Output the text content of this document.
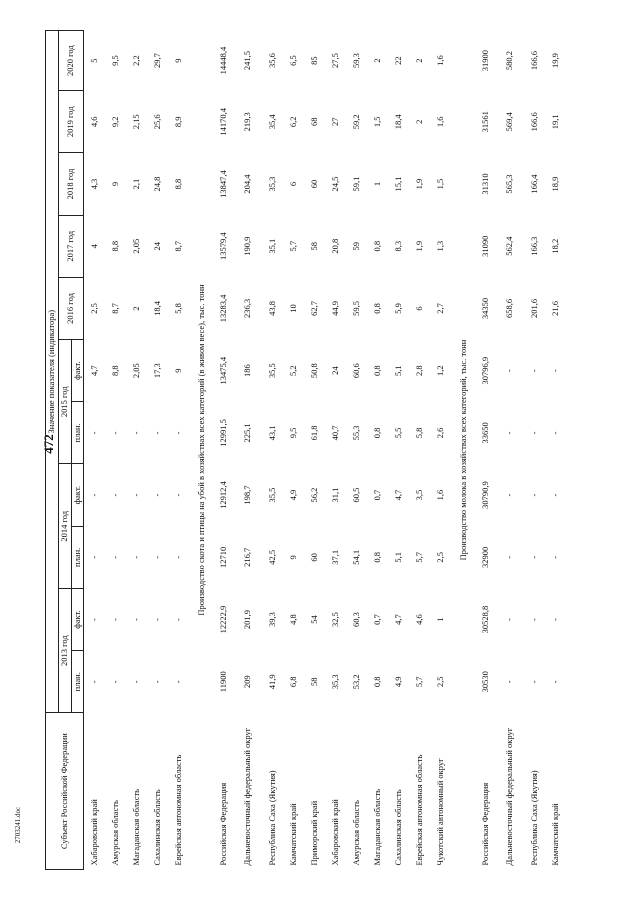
472
2703241.doc	Субъект Российской Федерации	Значение показателя (индикатора)										
	2013 год		2014 год		2015 год		2016 год	2017 год	2018 год	2019 год	2020 год
	план.	факт.	план.	факт.	план.	факт.					
Хабаровский край	-	-	-	-	-	4,7	2,5	4	4,3	4,6	5
Амурская область	-	-	-	-	-	8,8	8,7	8,8	9	9,2	9,5
Магаданская область	-	-	-	-	-	2,05	2	2,05	2,1	2,15	2,2
Сахалинская область	-	-	-	-	-	17,3	18,4	24	24,8	25,6	29,7
Еврейская автономная область	-	-	-	-	-	9	5,8	8,7	8,8	8,9	9
Производство скота и птицы на убой в хозяйствах всех категорий (в живом весе), тыс. тонн											
Российская Федерация	11900	12222,9	12710	12912,4	12991,5	13475,4	13283,4	13579,4	13847,4	14170,4	14448,4
Дальневосточный федеральный округ	209	201,9	216,7	198,7	225,1	186	236,3	190,9	204,4	219,3	241,5
Республика Саха (Якутия)	41,9	39,3	42,5	35,5	43,1	35,5	43,8	35,1	35,3	35,4	35,6
Камчатский край	6,8	4,8	9	4,9	9,5	5,2	10	5,7	6	6,2	6,5
Приморский край	58	54	60	56,2	61,8	50,8	62,7	58	60	68	85
Хабаровский край	35,3	32,5	37,1	31,1	40,7	24	44,9	20,8	24,5	27	27,5
Амурская область	53,2	60,3	54,1	60,5	55,3	60,6	59,5	59	59,1	59,2	59,3
Магаданская область	0,8	0,7	0,8	0,7	0,8	0,8	0,8	0,8	1	1,5	2
Сахалинская область	4,9	4,7	5,1	4,7	5,5	5,1	5,9	8,3	15,1	18,4	22
Еврейская автономная область	5,7	4,6	5,7	3,5	5,8	2,8	6	1,9	1,9	2	2
Чукотский автономный округ	2,5	1	2,5	1,6	2,6	1,2	2,7	1,3	1,5	1,6	1,6
Производство молока в хозяйствах всех категорий, тыс. тонн											
Российская Федерация	30530	30528,8	32900	30790,9	33650	30796,9	34350	31090	31310	31561	31900
Дальневосточный федеральный округ	-	-	-	-	-	-	658,6	562,4	565,3	569,4	580,2
Республика Саха (Якутия)	-	-	-	-	-	-	201,6	166,3	166,4	166,6	166,6
Камчатский край	-	-	-	-	-	-	21,6	18,2	18,9	19,1	19,9
